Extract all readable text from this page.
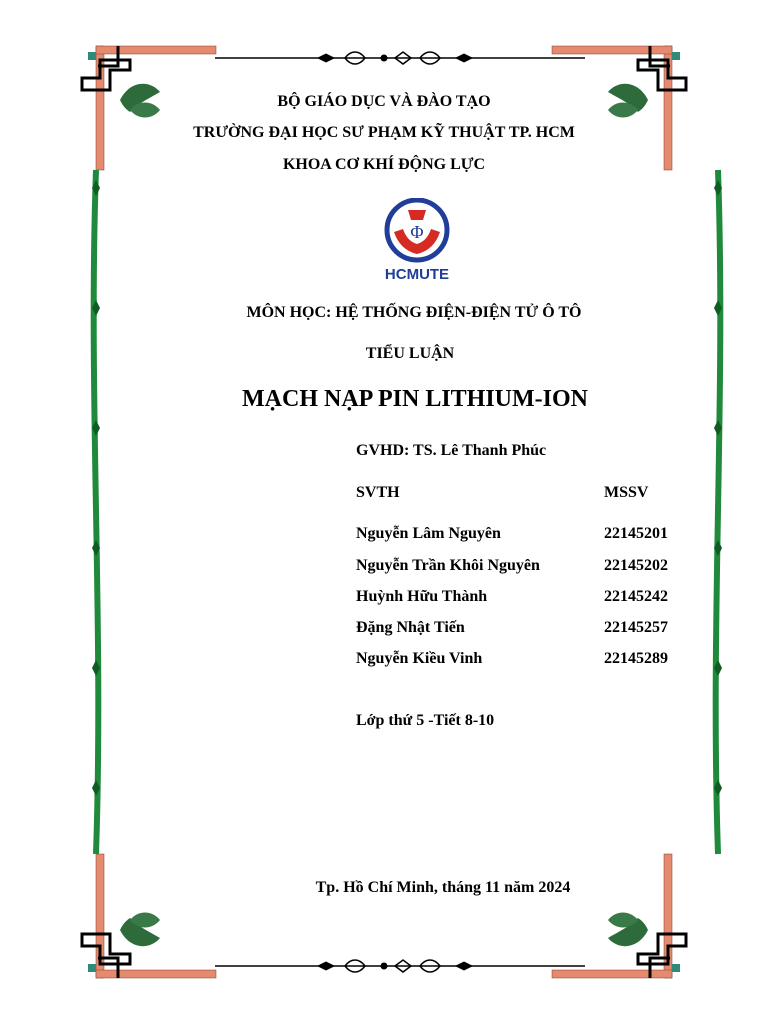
BỘ GIÁO DỤC VÀ ĐÀO TẠO
TRƯỜNG ĐẠI HỌC SƯ PHẠM KỸ THUẬT TP. HCM
KHOA CƠ KHÍ ĐỘNG LỰC
Φ
HCMUTE
MÔN HỌC: HỆ THỐNG ĐIỆN-ĐIỆN TỬ Ô TÔ
TIỂU LUẬN
MẠCH NẠP PIN LITHIUM-ION
GVHD: TS. Lê Thanh Phúc
SVTH	MSSV
Nguyễn Lâm Nguyên	22145201
Nguyễn Trần Khôi Nguyên	22145202
Huỳnh Hữu Thành	22145242
Đặng Nhật Tiến	22145257
Nguyễn Kiều Vinh	22145289
Lớp thứ 5 -Tiết 8-10
Tp. Hồ Chí Minh, tháng 11 năm 2024
